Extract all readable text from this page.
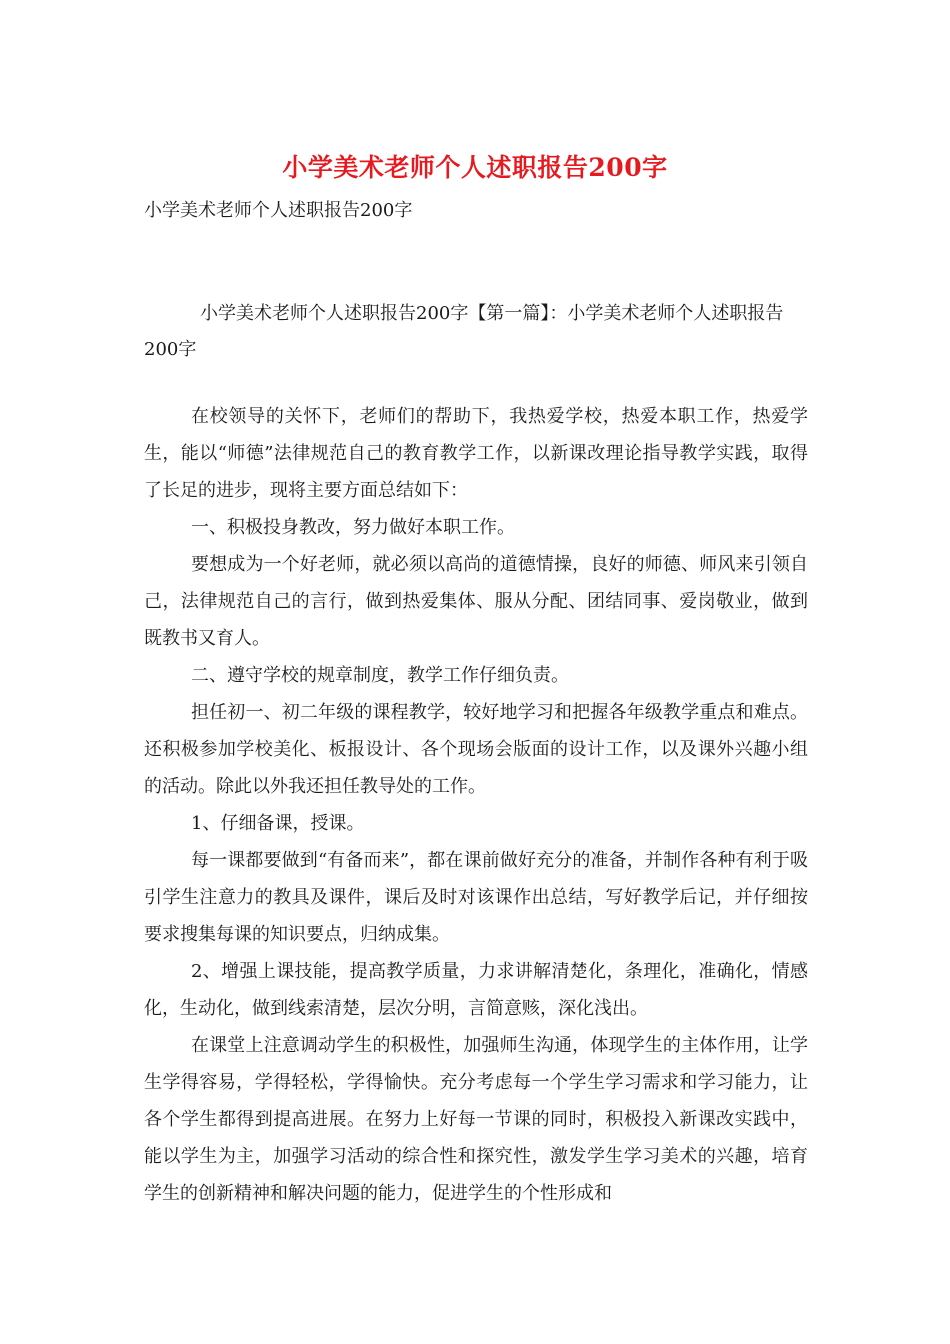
小学美术老师个人述职报告200字
小学美术老师个人述职报告200字
小学美术老师个人述职报告200字【第一篇】：小学美术老师个人述职报告200字

在校领导的关怀下，老师们的帮助下，我热爱学校，热爱本职工作，热爱学生，能以“师德”法律规范自己的教育教学工作，以新课改理论指导教学实践，取得了长足的进步，现将主要方面总结如下：

一、积极投身教改，努力做好本职工作。

要想成为一个好老师，就必须以高尚的道德情操，良好的师德、师风来引领自己，法律规范自己的言行，做到热爱集体、服从分配、团结同事、爱岗敬业，做到既教书又育人。

二、遵守学校的规章制度，教学工作仔细负责。

担任初一、初二年级的课程教学，较好地学习和把握各年级教学重点和难点。还积极参加学校美化、板报设计、各个现场会版面的设计工作，以及课外兴趣小组的活动。除此以外我还担任教导处的工作。

1、仔细备课，授课。

每一课都要做到“有备而来”，都在课前做好充分的准备，并制作各种有利于吸引学生注意力的教具及课件，课后及时对该课作出总结，写好教学后记，并仔细按要求搜集每课的知识要点，归纳成集。

2、增强上课技能，提高教学质量，力求讲解清楚化，条理化，准确化，情感化，生动化，做到线索清楚，层次分明，言简意赅，深化浅出。

在课堂上注意调动学生的积极性，加强师生沟通，体现学生的主体作用，让学生学得容易，学得轻松，学得愉快。充分考虑每一个学生学习需求和学习能力，让各个学生都得到提高进展。在努力上好每一节课的同时，积极投入新课改实践中，能以学生为主，加强学习活动的综合性和探究性，激发学生学习美术的兴趣，培育学生的创新精神和解决问题的能力，促进学生的个性形成和
